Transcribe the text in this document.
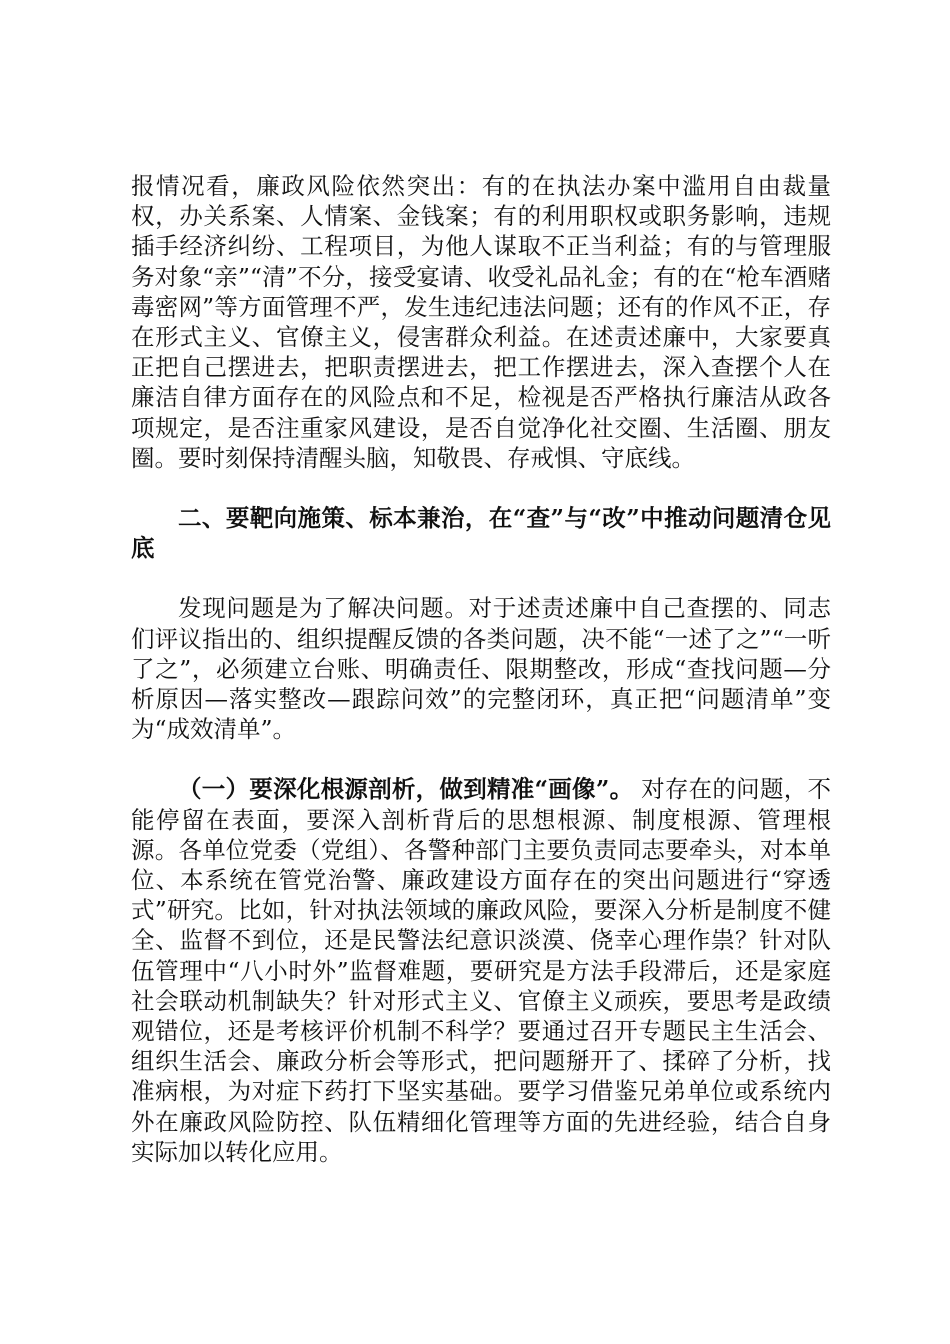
报情况看，廉政风险依然突出：有的在执法办案中滥用自由裁量权，办关系案、人情案、金钱案；有的利用职权或职务影响，违规插手经济纠纷、工程项目，为他人谋取不正当利益；有的与管理服务对象“亲”“清”不分，接受宴请、收受礼品礼金；有的在“枪车酒赌毒密网”等方面管理不严，发生违纪违法问题；还有的作风不正，存在形式主义、官僚主义，侵害群众利益。在述责述廉中，大家要真正把自己摆进去，把职责摆进去，把工作摆进去，深入查摆个人在廉洁自律方面存在的风险点和不足，检视是否严格执行廉洁从政各项规定，是否注重家风建设，是否自觉净化社交圈、生活圈、朋友圈。要时刻保持清醒头脑，知敬畏、存戒惧、守底线。

二、要靶向施策、标本兼治，在“查”与“改”中推动问题清仓见底

发现问题是为了解决问题。对于述责述廉中自己查摆的、同志们评议指出的、组织提醒反馈的各类问题，决不能“一述了之”“一听了之”，必须建立台账、明确责任、限期整改，形成“查找问题—分析原因—落实整改—跟踪问效”的完整闭环，真正把“问题清单”变为“成效清单”。

（一）要深化根源剖析，做到精准“画像”。 对存在的问题，不能停留在表面，要深入剖析背后的思想根源、制度根源、管理根源。各单位党委（党组）、各警种部门主要负责同志要牵头，对本单位、本系统在管党治警、廉政建设方面存在的突出问题进行“穿透式”研究。比如，针对执法领域的廉政风险，要深入分析是制度不健全、监督不到位，还是民警法纪意识淡漠、侥幸心理作祟？针对队伍管理中“八小时外”监督难题，要研究是方法手段滞后，还是家庭社会联动机制缺失？针对形式主义、官僚主义顽疾，要思考是政绩观错位，还是考核评价机制不科学？要通过召开专题民主生活会、组织生活会、廉政分析会等形式，把问题掰开了、揉碎了分析，找准病根，为对症下药打下坚实基础。要学习借鉴兄弟单位或系统内外在廉政风险防控、队伍精细化管理等方面的先进经验，结合自身实际加以转化应用。
